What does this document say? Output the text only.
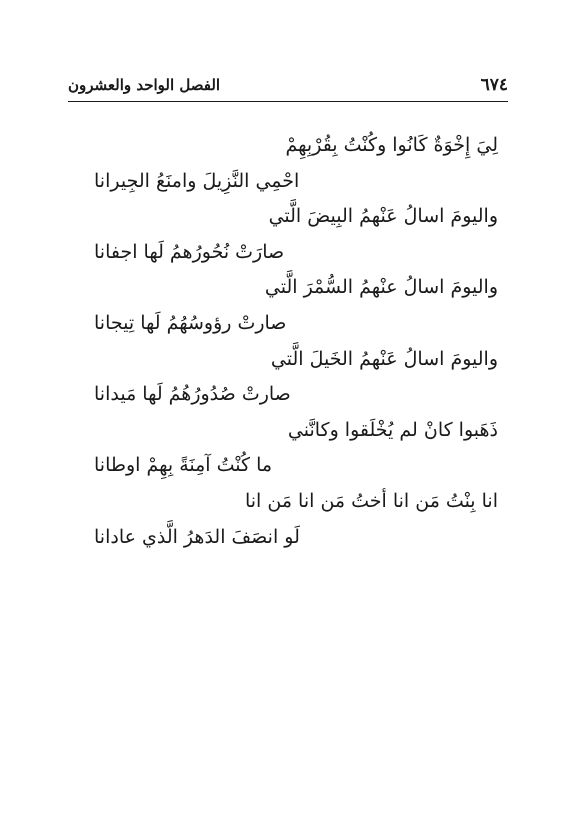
٦٧٤
الفصل الواحد والعشرون
لِيَ إِخْوَةٌ كَانُوا وكُنْتُ بِقُرْبِهِمْ
احْمِي النَّزِيلَ وامنَعُ الجِيرانا
واليومَ اسالُ عَنْهمُ البِيضَ الَّتي
صارَتْ نُحُورُهمُ لَها اجفانا
واليومَ اسالُ عنْهمُ السُّمْرَ الَّتي
صارتْ رؤوسُهُمُ لَها تِيجانا
واليومَ اسالُ عَنْهمُ الخَيلَ الَّتي
صارتْ صُدُورُهُمُ لَها مَيدانا
ذَهَبوا كانْ لم يُخْلَقوا وكانَّني
ما كُنْتُ آمِنَةً بِهِمْ اوطانا
انا بِنْتُ مَن انا أختُ مَن انا مَن انا
لَو انصَفَ الدَهرُ الَّذي عادانا
